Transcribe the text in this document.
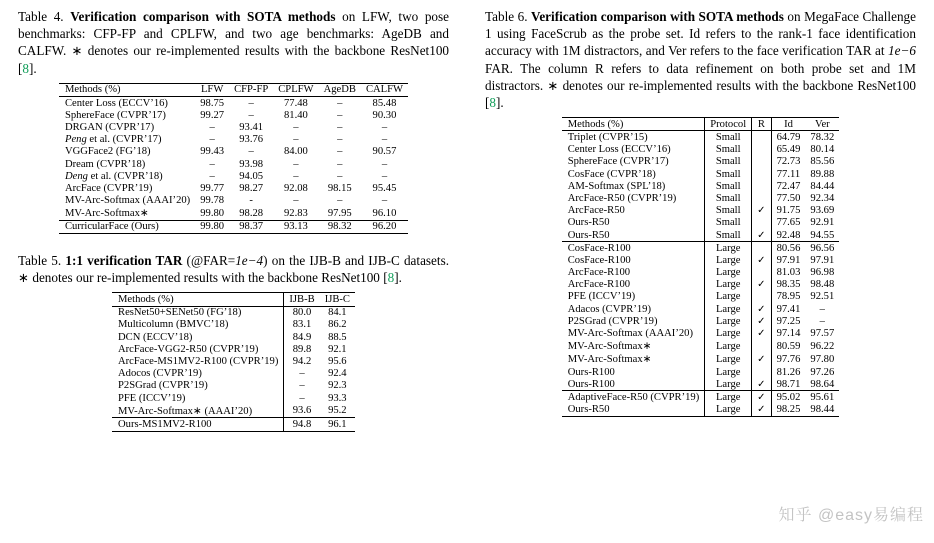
Table 4. Verification comparison with SOTA methods on LFW, two pose benchmarks: CFP-FP and CPLFW, and two age benchmarks: AgeDB and CALFW. ∗ denotes our re-implemented results with the backbone ResNet100 [8].

Methods (%)	LFW	CFP-FP	CPLFW	AgeDB	CALFW
Center Loss (ECCV’16)	98.75	–	77.48	–	85.48
SphereFace (CVPR’17)	99.27	–	81.40	–	90.30
DRGAN (CVPR’17)	–	93.41	–	–	–
Peng et al. (CVPR’17)	–	93.76	–	–	–
VGGFace2 (FG’18)	99.43	–	84.00	–	90.57
Dream (CVPR’18)	–	93.98	–	–	–
Deng et al. (CVPR’18)	–	94.05	–	–	–
ArcFace (CVPR’19)	99.77	98.27	92.08	98.15	95.45
MV-Arc-Softmax (AAAI’20)	99.78	-	–	–	–
MV-Arc-Softmax∗	99.80	98.28	92.83	97.95	96.10
CurricularFace (Ours)	99.80	98.37	93.13	98.32	96.20

Table 5. 1:1 verification TAR (@FAR=1e−4) on the IJB-B and IJB-C datasets. ∗ denotes our re-implemented results with the backbone ResNet100 [8].

Methods (%)	IJB-B	IJB-C
ResNet50+SENet50 (FG’18)	80.0	84.1
Multicolumn (BMVC’18)	83.1	86.2
DCN (ECCV’18)	84.9	88.5
ArcFace-VGG2-R50 (CVPR’19)	89.8	92.1
ArcFace-MS1MV2-R100 (CVPR’19)	94.2	95.6
Adocos (CVPR’19)	–	92.4
P2SGrad (CVPR’19)	–	92.3
PFE (ICCV’19)	–	93.3
MV-Arc-Softmax∗ (AAAI’20)	93.6	95.2
Ours-MS1MV2-R100	94.8	96.1

Table 6. Verification comparison with SOTA methods on MegaFace Challenge 1 using FaceScrub as the probe set. Id refers to the rank-1 face identification accuracy with 1M distractors, and Ver refers to the face verification TAR at 1e−6 FAR. The column R refers to data refinement on both probe set and 1M distractors. ∗ denotes our re-implemented results with the backbone ResNet100 [8].

Methods (%)	Protocol	R	Id	Ver
Triplet (CVPR’15)	Small		64.79	78.32
Center Loss (ECCV’16)	Small		65.49	80.14
SphereFace (CVPR’17)	Small		72.73	85.56
CosFace (CVPR’18)	Small		77.11	89.88
AM-Softmax (SPL’18)	Small		72.47	84.44
ArcFace-R50 (CVPR’19)	Small		77.50	92.34
ArcFace-R50	Small	✓	91.75	93.69
Ours-R50	Small		77.65	92.91
Ours-R50	Small	✓	92.48	94.55
CosFace-R100	Large		80.56	96.56
CosFace-R100	Large	✓	97.91	97.91
ArcFace-R100	Large		81.03	96.98
ArcFace-R100	Large	✓	98.35	98.48
PFE (ICCV’19)	Large		78.95	92.51
Adacos (CVPR’19)	Large	✓	97.41	–
P2SGrad (CVPR’19)	Large	✓	97.25	–
MV-Arc-Softmax (AAAI’20)	Large	✓	97.14	97.57
MV-Arc-Softmax∗	Large		80.59	96.22
MV-Arc-Softmax∗	Large	✓	97.76	97.80
Ours-R100	Large		81.26	97.26
Ours-R100	Large	✓	98.71	98.64
AdaptiveFace-R50 (CVPR’19)	Large	✓	95.02	95.61
Ours-R50	Large	✓	98.25	98.44
知乎 @easy易编程
